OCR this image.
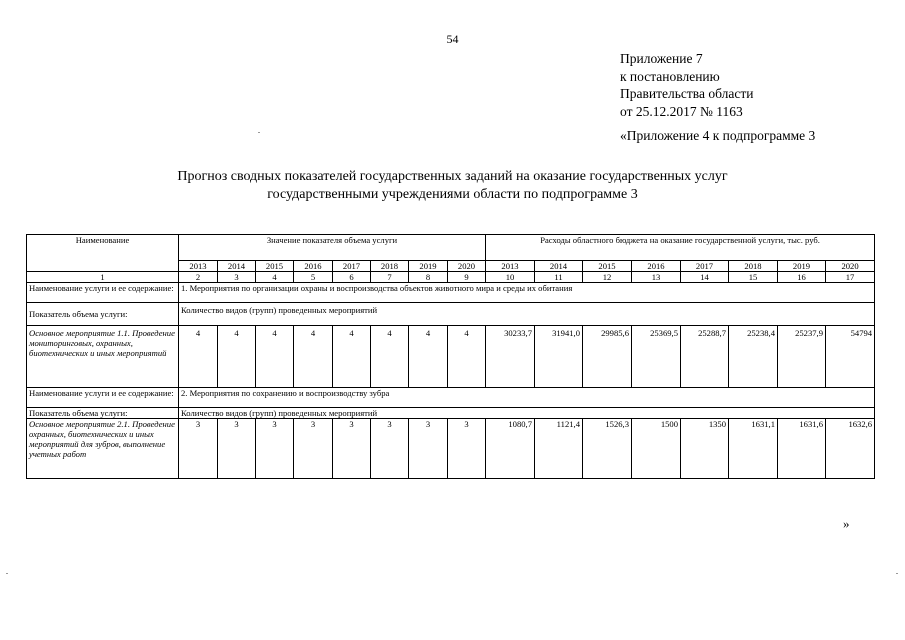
54
Приложение 7
к постановлению
Правительства области
от 25.12.2017 № 1163
«Приложение 4 к подпрограмме 3
Прогноз сводных показателей государственных заданий на оказание государственных услуг
государственными учреждениями области по подпрограмме 3
Наименование	Значение показателя объема услуги								Расходы областного бюджета на оказание государственной услуги, тыс. руб.							
	2013	2014	2015	2016	2017	2018	2019	2020	2013	2014	2015	2016	2017	2018	2019	2020
1	2	3	4	5	6	7	8	9	10	11	12	13	14	15	16	17
Наименование услуги и ее содержание:	1. Мероприятия по организации охраны и воспроизводства объектов животного мира и среды их обитания															
Показатель объема услуги:	Количество видов (групп) проведенных мероприятий															
Основное мероприятие 1.1. Проведение мониторинговых, охранных, биотехнических и иных мероприятий	4	4	4	4	4	4	4	4	30233,7	31941,0	29985,6	25369,5	25288,7	25238,4	25237,9	54794
Наименование услуги и ее содержание:	2. Мероприятия по сохранению и воспроизводству зубра															
Показатель объема услуги:	Количество видов (групп) проведенных мероприятий															
Основное мероприятие 2.1. Проведение охранных, биотехнических и иных мероприятий для зубров, выполнение учетных работ	3	3	3	3	3	3	3	3	1080,7	1121,4	1526,3	1500	1350	1631,1	1631,6	1632,6
»
